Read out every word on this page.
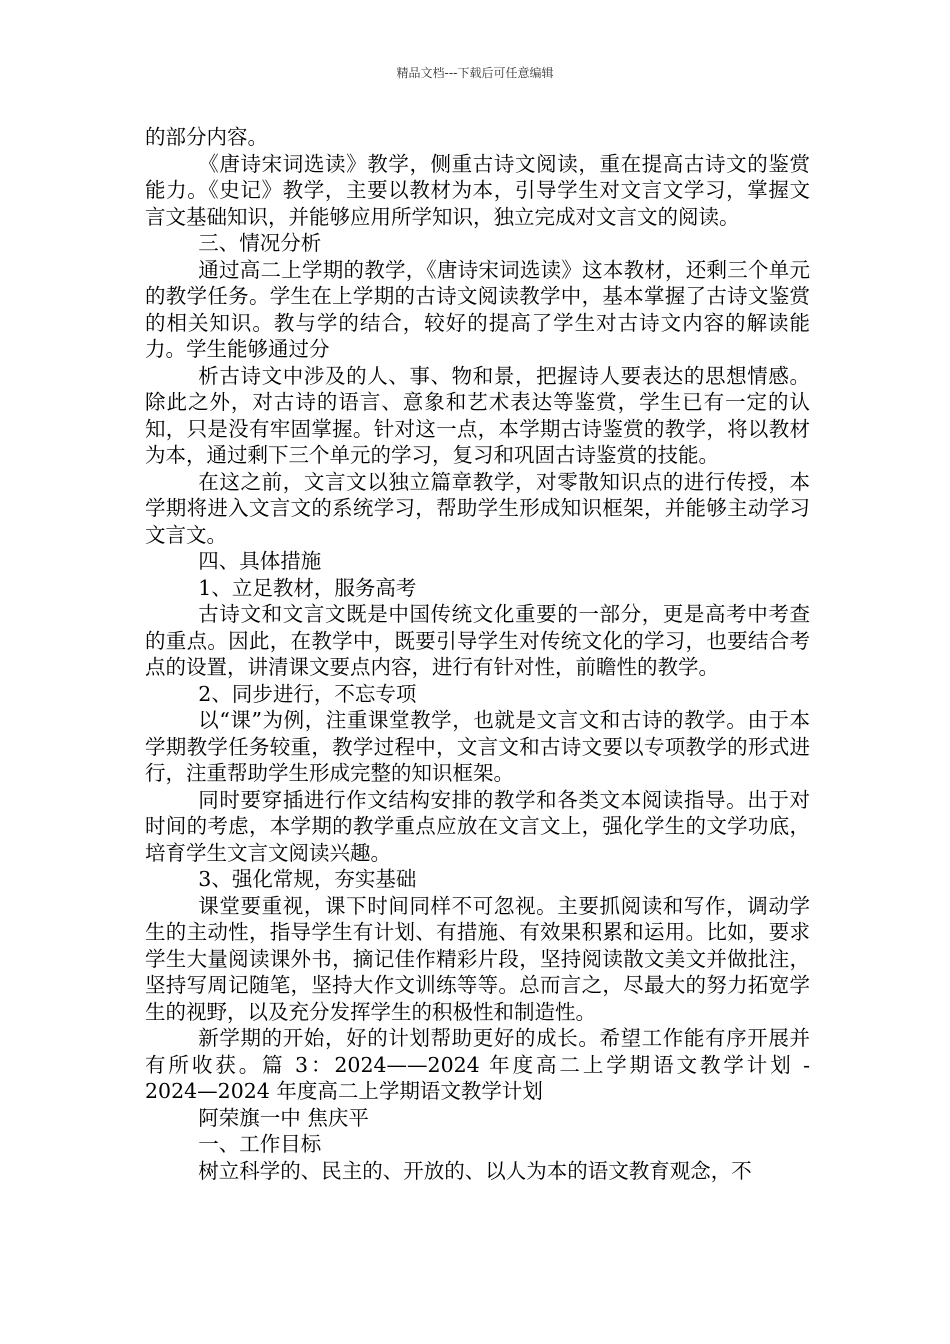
精品文档---下载后可任意编辑

的部分内容。

《唐诗宋词选读》教学，侧重古诗文阅读，重在提高古诗文的鉴赏能力。《史记》教学，主要以教材为本，引导学生对文言文学习，掌握文言文基础知识，并能够应用所学知识，独立完成对文言文的阅读。

三、情况分析

通过高二上学期的教学，《唐诗宋词选读》这本教材，还剩三个单元的教学任务。学生在上学期的古诗文阅读教学中，基本掌握了古诗文鉴赏的相关知识。教与学的结合，较好的提高了学生对古诗文内容的解读能力。学生能够通过分

析古诗文中涉及的人、事、物和景，把握诗人要表达的思想情感。除此之外，对古诗的语言、意象和艺术表达等鉴赏，学生已有一定的认知，只是没有牢固掌握。针对这一点，本学期古诗鉴赏的教学，将以教材为本，通过剩下三个单元的学习，复习和巩固古诗鉴赏的技能。

在这之前，文言文以独立篇章教学，对零散知识点的进行传授，本学期将进入文言文的系统学习，帮助学生形成知识框架，并能够主动学习文言文。

四、具体措施

1、立足教材，服务高考

古诗文和文言文既是中国传统文化重要的一部分，更是高考中考查的重点。因此，在教学中，既要引导学生对传统文化的学习，也要结合考点的设置，讲清课文要点内容，进行有针对性，前瞻性的教学。

2、同步进行，不忘专项

以“课”为例，注重课堂教学，也就是文言文和古诗的教学。由于本学期教学任务较重，教学过程中，文言文和古诗文要以专项教学的形式进行，注重帮助学生形成完整的知识框架。

同时要穿插进行作文结构安排的教学和各类文本阅读指导。出于对时间的考虑，本学期的教学重点应放在文言文上，强化学生的文学功底，培育学生文言文阅读兴趣。

3、强化常规，夯实基础

课堂要重视，课下时间同样不可忽视。主要抓阅读和写作，调动学生的主动性，指导学生有计划、有措施、有效果积累和运用。比如，要求学生大量阅读课外书，摘记佳作精彩片段，坚持阅读散文美文并做批注，坚持写周记随笔，坚持大作文训练等等。总而言之，尽最大的努力拓宽学生的视野，以及充分发挥学生的积极性和制造性。

新学期的开始，好的计划帮助更好的成长。希望工作能有序开展并有所收获。篇 3：2024——2024 年度高二上学期语文教学计划 -　2024—2024 年度高二上学期语文教学计划

阿荣旗一中 焦庆平

一、工作目标

树立科学的、民主的、开放的、以人为本的语文教育观念，不
